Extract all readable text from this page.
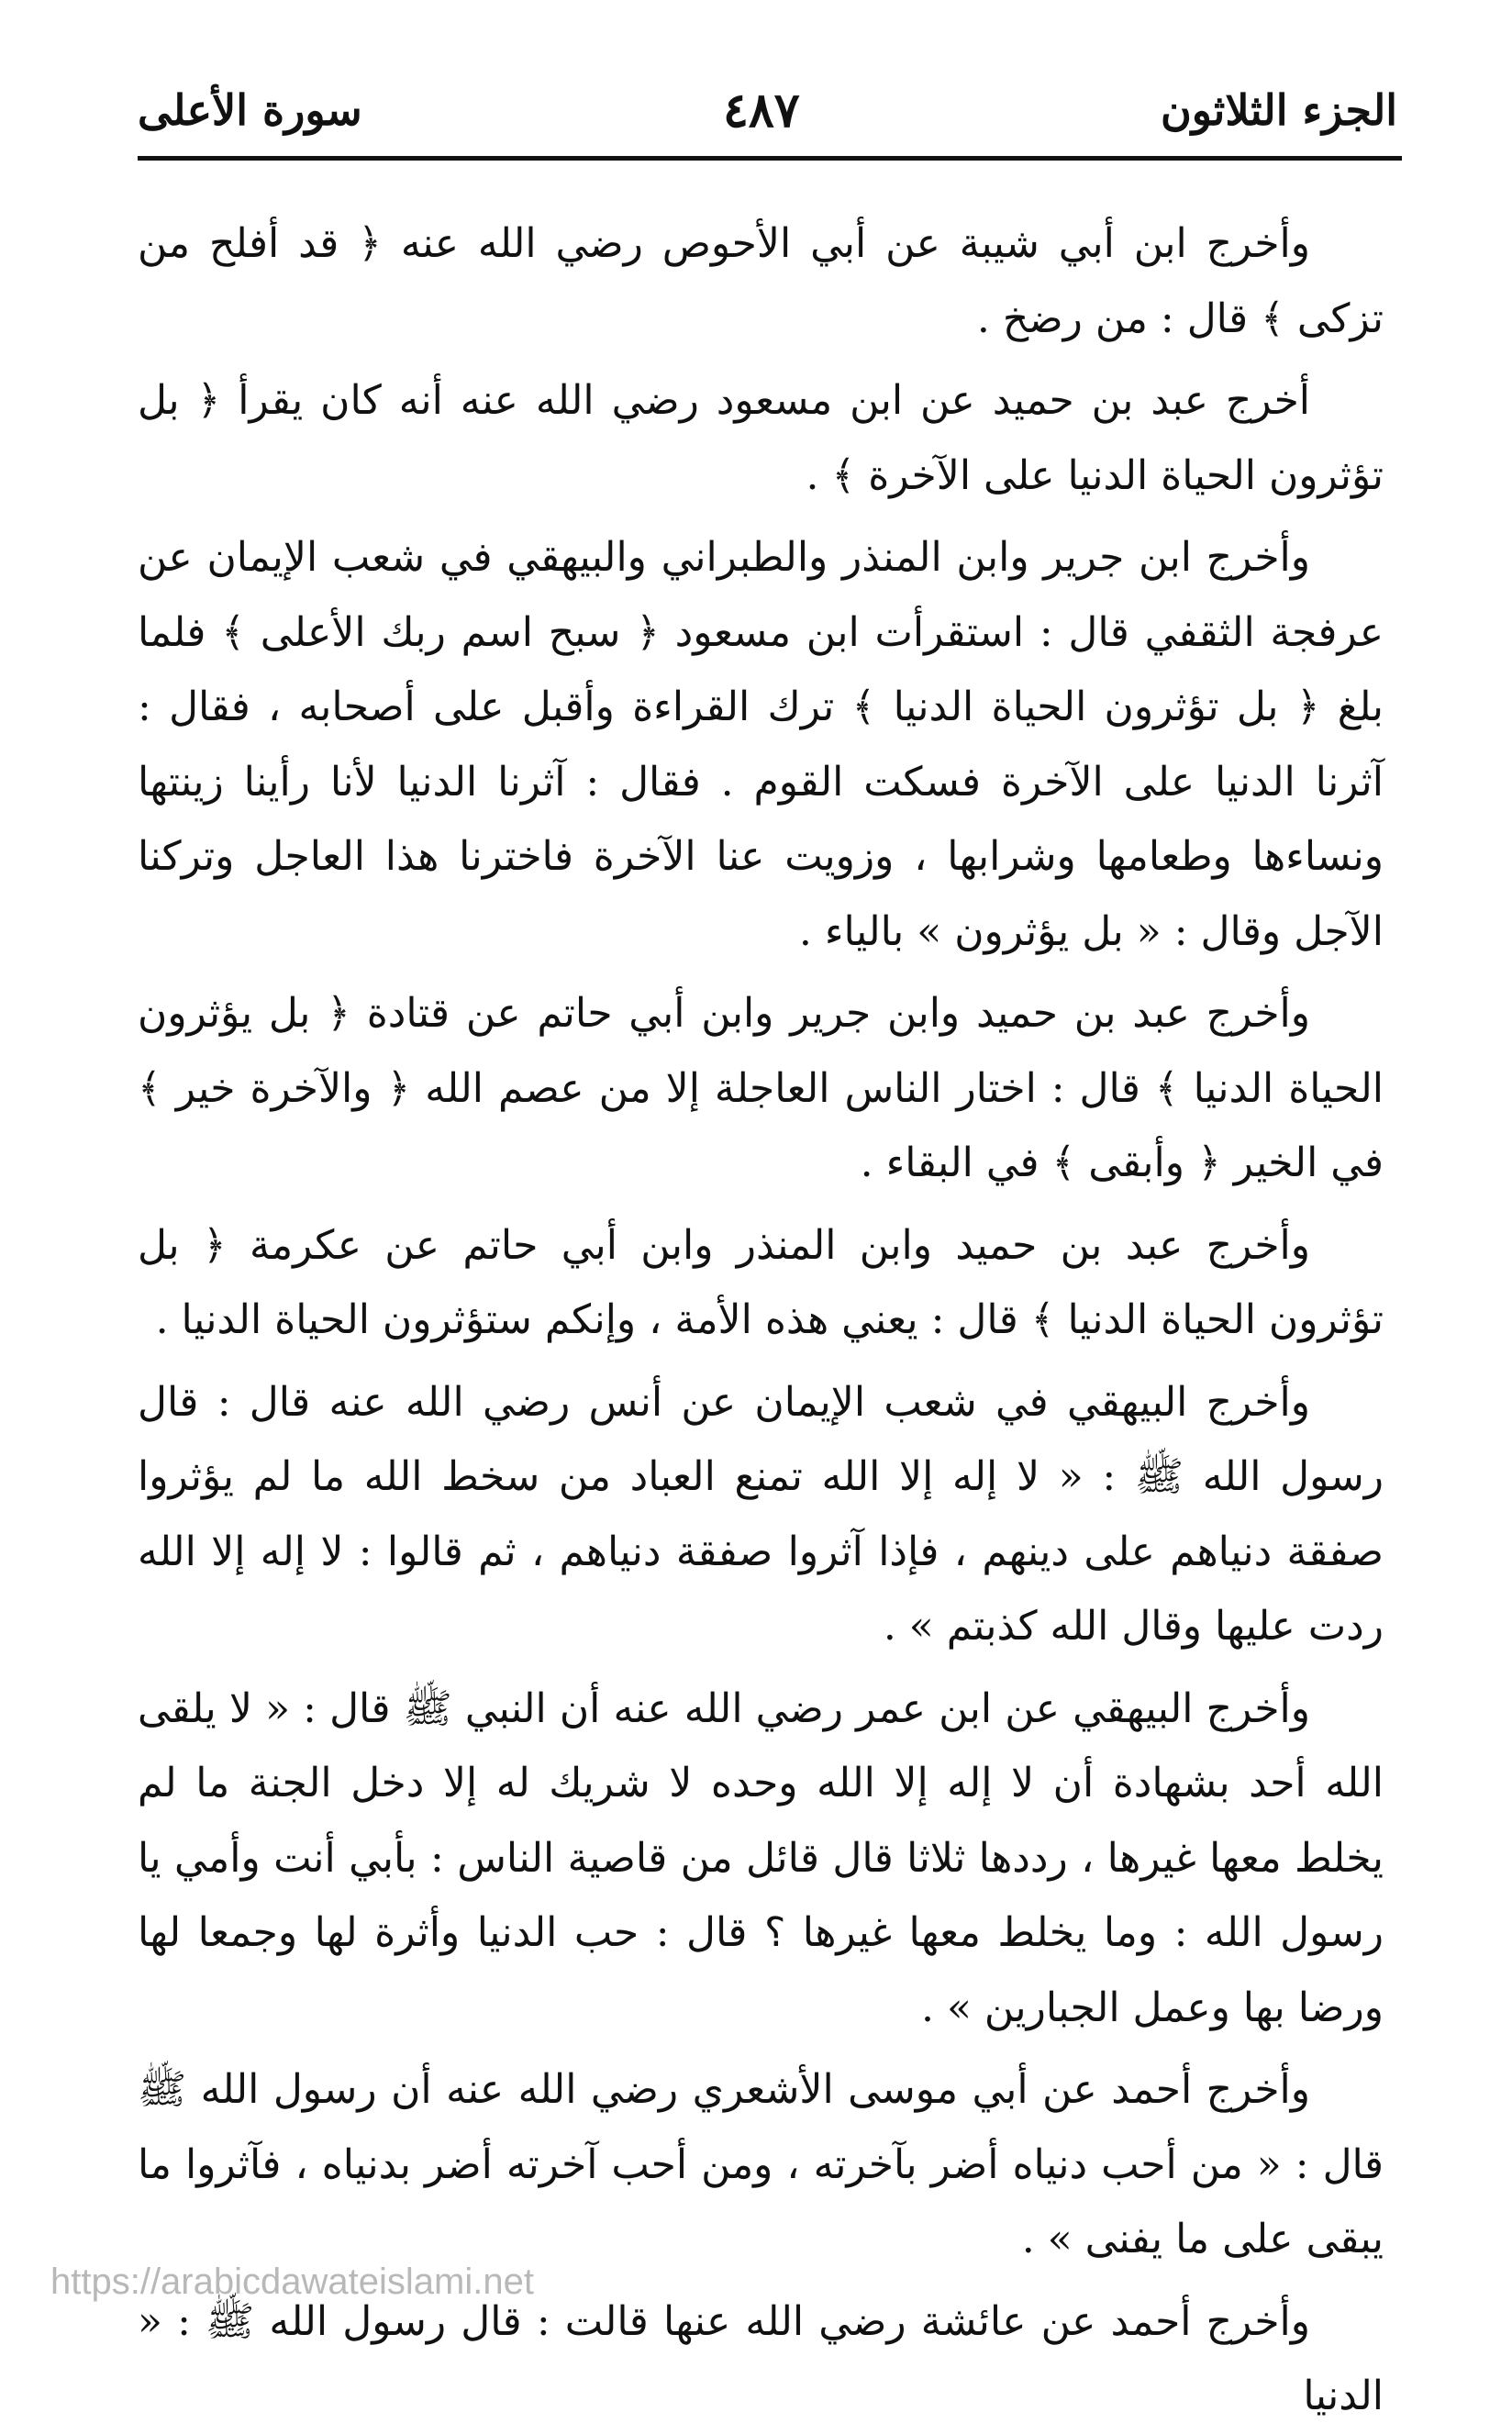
الجزء الثلاثون
٤٨٧
سورة الأعلى

وأخرج ابن أبي شيبة عن أبي الأحوص رضي الله عنه ﴿ قد أفلح من تزكى ﴾ قال : من رضخ .

أخرج عبد بن حميد عن ابن مسعود رضي الله عنه أنه كان يقرأ ﴿ بل تؤثرون الحياة الدنيا على الآخرة ﴾ .

وأخرج ابن جرير وابن المنذر والطبراني والبيهقي في شعب الإيمان عن عرفجة الثقفي قال : استقرأت ابن مسعود ﴿ سبح اسم ربك الأعلى ﴾ فلما بلغ ﴿ بل تؤثرون الحياة الدنيا ﴾ ترك القراءة وأقبل على أصحابه ، فقال : آثرنا الدنيا على الآخرة فسكت القوم . فقال : آثرنا الدنيا لأنا رأينا زينتها ونساءها وطعامها وشرابها ، وزويت عنا الآخرة فاخترنا هذا العاجل وتركنا الآجل وقال : « بل يؤثرون » بالياء .

وأخرج عبد بن حميد وابن جرير وابن أبي حاتم عن قتادة ﴿ بل يؤثرون الحياة الدنيا ﴾ قال : اختار الناس العاجلة إلا من عصم الله ﴿ والآخرة خير ﴾ في الخير ﴿ وأبقى ﴾ في البقاء .

وأخرج عبد بن حميد وابن المنذر وابن أبي حاتم عن عكرمة ﴿ بل تؤثرون الحياة الدنيا ﴾ قال : يعني هذه الأمة ، وإنكم ستؤثرون الحياة الدنيا .

وأخرج البيهقي في شعب الإيمان عن أنس رضي الله عنه قال : قال رسول الله ﷺ : « لا إله إلا الله تمنع العباد من سخط الله ما لم يؤثروا صفقة دنياهم على دينهم ، فإذا آثروا صفقة دنياهم ، ثم قالوا : لا إله إلا الله ردت عليها وقال الله كذبتم » .

وأخرج البيهقي عن ابن عمر رضي الله عنه أن النبي ﷺ قال : « لا يلقى الله أحد بشهادة أن لا إله إلا الله وحده لا شريك له إلا دخل الجنة ما لم يخلط معها غيرها ، رددها ثلاثا قال قائل من قاصية الناس : بأبي أنت وأمي يا رسول الله : وما يخلط معها غيرها ؟ قال : حب الدنيا وأثرة لها وجمعا لها ورضا بها وعمل الجبارين » .

وأخرج أحمد عن أبي موسى الأشعري رضي الله عنه أن رسول الله ﷺ قال : « من أحب دنياه أضر بآخرته ، ومن أحب آخرته أضر بدنياه ، فآثروا ما يبقى على ما يفنى » .

وأخرج أحمد عن عائشة رضي الله عنها قالت : قال رسول الله ﷺ : « الدنيا

https://arabicdawateislami.net
